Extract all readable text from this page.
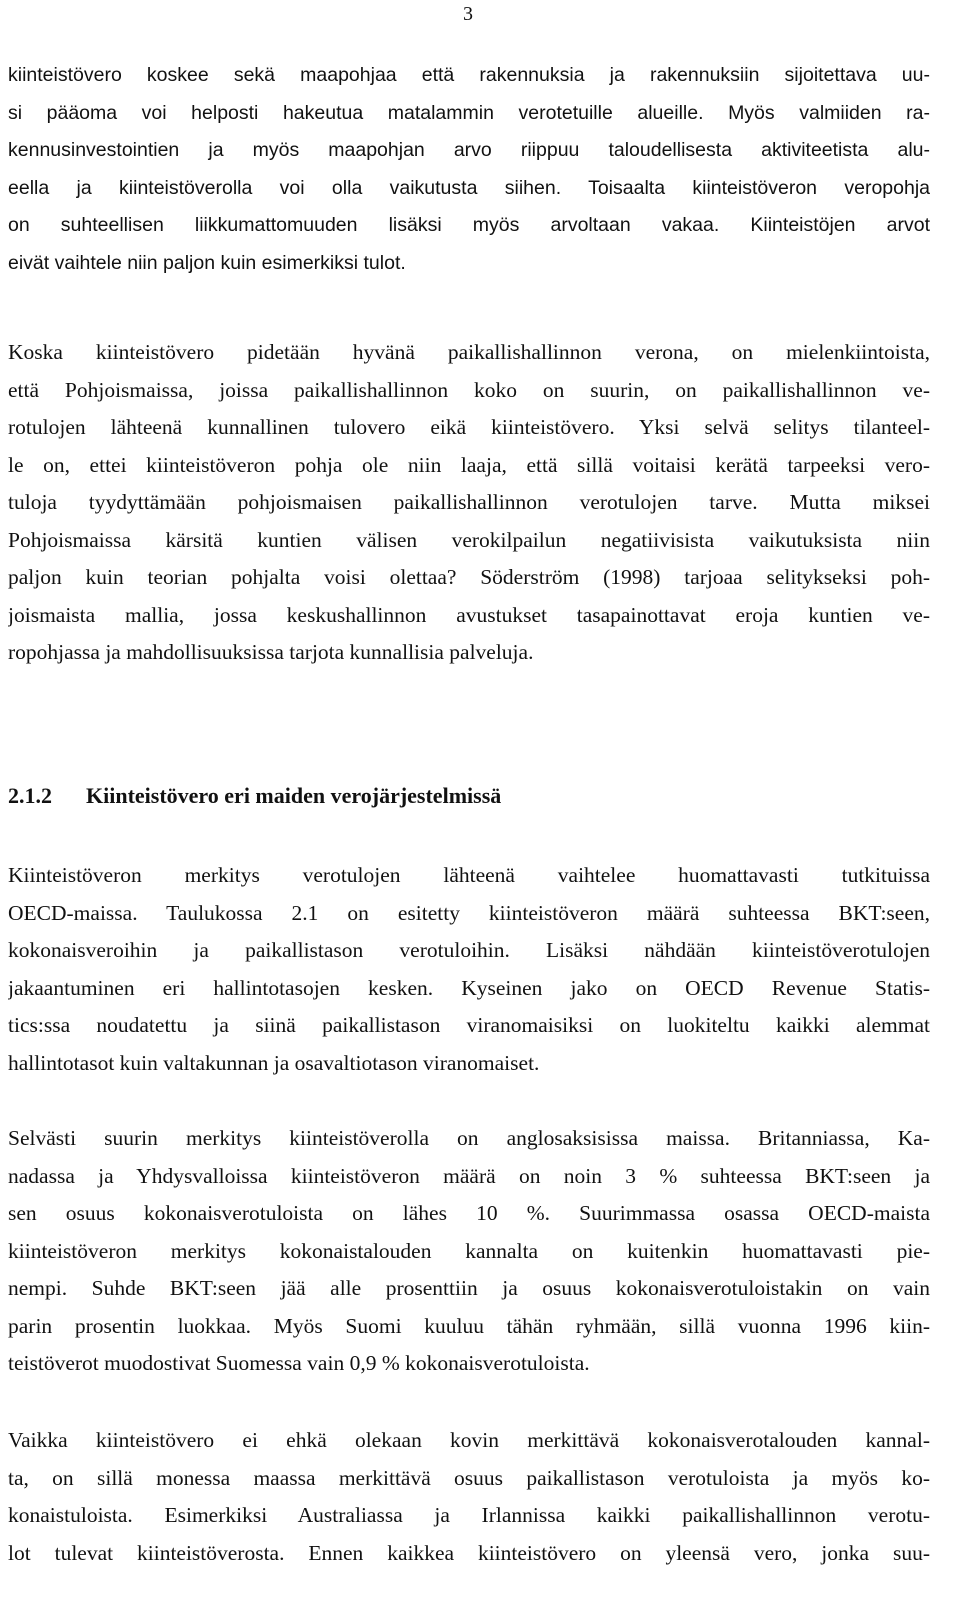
3
kiinteistövero koskee sekä maapohjaa että rakennuksia ja rakennuksiin sijoitettava uu-
si pääoma voi helposti hakeutua matalammin verotetuille alueille. Myös valmiiden ra-
kennusinvestointien ja myös maapohjan arvo riippuu taloudellisesta aktiviteetista alu-
eella ja kiinteistöverolla voi olla vaikutusta siihen. Toisaalta kiinteistöveron veropohja
on suhteellisen liikkumattomuuden lisäksi myös arvoltaan vakaa. Kiinteistöjen arvot
eivät vaihtele niin paljon kuin esimerkiksi tulot.
Koska kiinteistövero pidetään hyvänä paikallishallinnon verona, on mielenkiintoista,
että Pohjoismaissa, joissa paikallishallinnon koko on suurin, on paikallishallinnon ve-
rotulojen lähteenä kunnallinen tulovero eikä kiinteistövero. Yksi selvä selitys tilanteel-
le on, ettei kiinteistöveron pohja ole niin laaja, että sillä voitaisi kerätä tarpeeksi vero-
tuloja tyydyttämään pohjoismaisen paikallishallinnon verotulojen tarve. Mutta miksei
Pohjoismaissa kärsitä kuntien välisen verokilpailun negatiivisista vaikutuksista niin
paljon kuin teorian pohjalta voisi olettaa? Söderström (1998) tarjoaa selitykseksi poh-
joismaista mallia, jossa keskushallinnon avustukset tasapainottavat eroja kuntien ve-
ropohjassa ja mahdollisuuksissa tarjota kunnallisia palveluja.
2.1.2 Kiinteistövero eri maiden verojärjestelmissä
Kiinteistöveron merkitys verotulojen lähteenä vaihtelee huomattavasti tutkituissa
OECD-maissa. Taulukossa 2.1 on esitetty kiinteistöveron määrä suhteessa BKT:seen,
kokonaisveroihin ja paikallistason verotuloihin. Lisäksi nähdään kiinteistöverotulojen
jakaantuminen eri hallintotasojen kesken. Kyseinen jako on OECD Revenue Statis-
tics:ssa noudatettu ja siinä paikallistason viranomaisiksi on luokiteltu kaikki alemmat
hallintotasot kuin valtakunnan ja osavaltiotason viranomaiset.
Selvästi suurin merkitys kiinteistöverolla on anglosaksisissa maissa. Britanniassa, Ka-
nadassa ja Yhdysvalloissa kiinteistöveron määrä on noin 3 % suhteessa BKT:seen ja
sen osuus kokonaisverotuloista on lähes 10 %. Suurimmassa osassa OECD-maista
kiinteistöveron merkitys kokonaistalouden kannalta on kuitenkin huomattavasti pie-
nempi. Suhde BKT:seen jää alle prosenttiin ja osuus kokonaisverotuloistakin on vain
parin prosentin luokkaa. Myös Suomi kuuluu tähän ryhmään, sillä vuonna 1996 kiin-
teistöverot muodostivat Suomessa vain 0,9 % kokonaisverotuloista.
Vaikka kiinteistövero ei ehkä olekaan kovin merkittävä kokonaisverotalouden kannal-
ta, on sillä monessa maassa merkittävä osuus paikallistason verotuloista ja myös ko-
konaistuloista. Esimerkiksi Australiassa ja Irlannissa kaikki paikallishallinnon verotu-
lot tulevat kiinteistöverosta. Ennen kaikkea kiinteistövero on yleensä vero, jonka suu-
